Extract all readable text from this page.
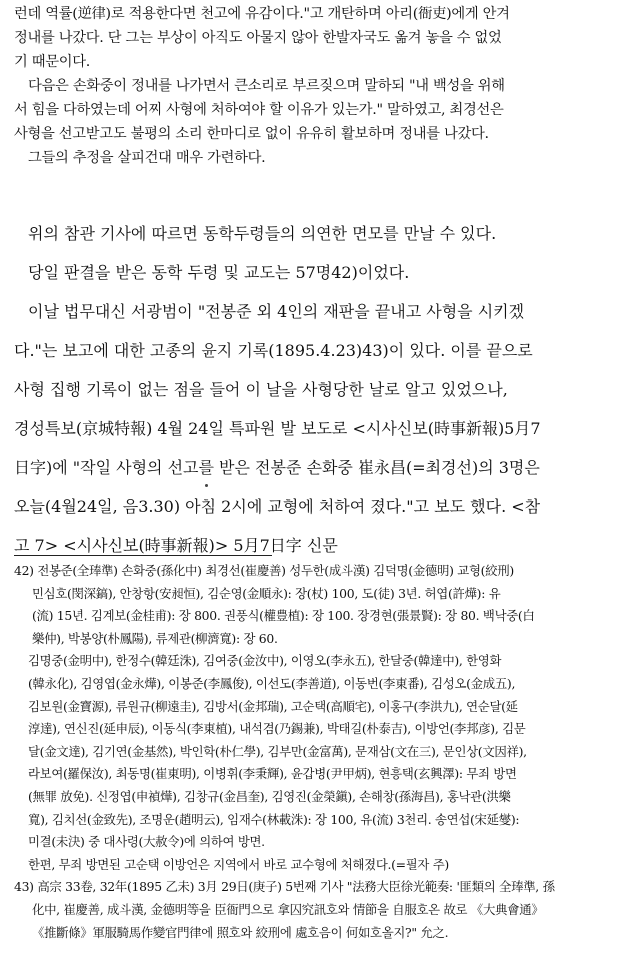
런데 역률(逆律)로 적용한다면 천고에 유감이다."고 개탄하며 아리(衙吏)에게 안겨

정내를 나갔다. 단 그는 부상이 아직도 아물지 않아 한발자국도 옮겨 놓을 수 없었

기 때문이다.

다음은 손화중이 정내를 나가면서 큰소리로 부르짖으며 말하되 "내 백성을 위해

서 힘을 다하였는데 어찌 사형에 처하여야 할 이유가 있는가." 말하였고, 최경선은

사형을 선고받고도 불평의 소리 한마디로 없이 유유히 활보하며 정내를 나갔다.

그들의 추정을 살피건대 매우 가련하다.

위의 참관 기사에 따르면 동학두령들의 의연한 면모를 만날 수 있다.

당일 판결을 받은 동학 두령 및 교도는 57명42)이었다.

이날 법무대신 서광범이 "전봉준 외 4인의 재판을 끝내고 사형을 시키겠

다."는 보고에 대한 고종의 윤지 기록(1895.4.23)43)이 있다. 이를 끝으로

사형 집행 기록이 없는 점을 들어 이 날을 사형당한 날로 알고 있었으나,

경성특보(京城特報) 4월 24일 특파원 발 보도로 <시사신보(時事新報)5月7

日字)에 "작일 사형의 선고를 받은 전봉준 손화중 崔永昌(=최경선)의 3명은

오늘(4월24일, 음3.30) 아침 2시에 교형에 처하여 졌다."고 보도 했다. <참

고 7> <시사신보(時事新報)> 5月7日字 신문

42) 전봉준(全琫準) 손화중(孫化中) 최경선(崔慶善) 성두한(成斗漢) 김덕명(金德明) 교형(絞刑)

민심호(閔深鎬), 안창항(安昶恒), 김순영(金順永): 장(杖) 100, 도(徒) 3년. 허엽(許燁): 유

(流) 15년. 김계보(金桂甫): 장 800. 권풍식(權豊植): 장 100. 장경현(張景賢): 장 80. 백낙중(白

樂仲), 박봉양(朴鳳陽), 류제관(柳濟寬): 장 60.

김명중(金明中), 한정수(韓廷洙), 김여중(金汝中), 이영오(李永五), 한달중(韓達中), 한영화

(韓永化), 김영엽(金永燁), 이봉준(李鳳俊), 이선도(李善道), 이동번(李東番), 김성오(金成五),

김보원(金寶源), 류원규(柳遠圭), 김방서(金邦瑞), 고순택(高順宅), 이홍구(李洪九), 연순달(延

淳達), 연신진(延申辰), 이동식(李東植), 내석겸(乃錫兼), 박태길(朴泰吉), 이방언(李邦彦), 김문

달(金文達), 김기연(金基然), 박인학(朴仁學), 김부만(金富萬), 문재삼(文在三), 문인상(文因祥),

라보여(羅保汝), 최동명(崔東明), 이병휘(李秉輝), 윤갑병(尹甲炳), 현흥택(玄興澤): 무죄 방면

(無罪 放免). 신정엽(申禎燁), 김창규(金昌奎), 김영진(金榮鎭), 손해창(孫海昌), 홍낙관(洪樂

寬), 김치선(金致先), 조명운(趙明云), 임재수(林載洙): 장 100, 유(流) 3천리. 송연섭(宋延燮):

미결(未決) 중 대사령(大赦令)에 의하여 방면.

한편, 무죄 방면된 고순택 이방언은 지역에서 바로 교수형에 처해졌다.(=필자 주)

43) 高宗 33卷, 32年(1895 乙未) 3月 29日(庚子) 5번째 기사 "法務大臣徐光範奏: '匪類의 全琫準, 孫

化中, 崔慶善, 成斗漢, 金德明等을 臣衙門으로 拿囚究訊호와 情節을 自服호온 故로 《大典會通》

《推斷條》軍服騎馬作變官門律에 照호와 絞刑에 處호음이 何如호올지?" 允之.
